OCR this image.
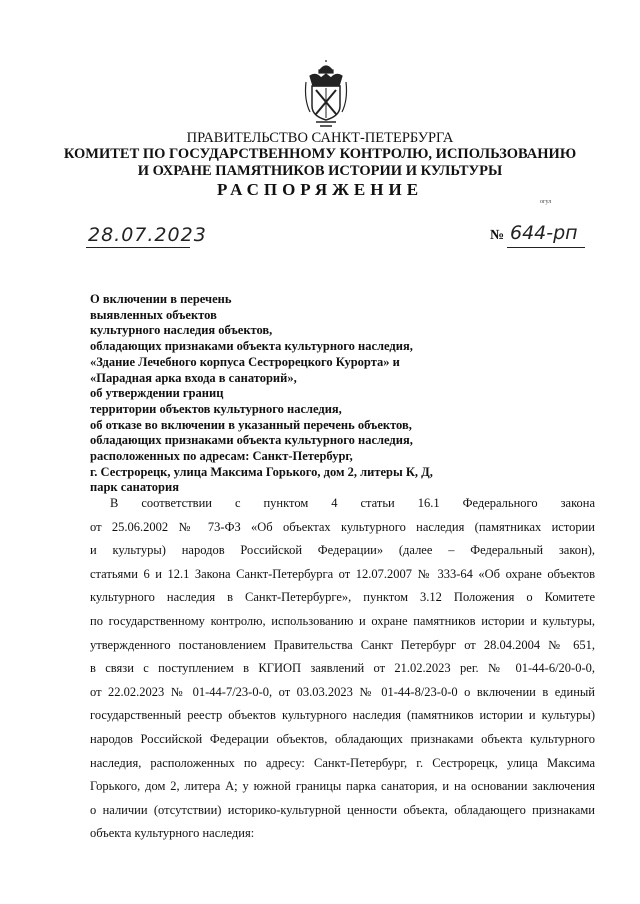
ПРАВИТЕЛЬСТВО САНКТ-ПЕТЕРБУРГА
КОМИТЕТ ПО ГОСУДАРСТВЕННОМУ КОНТРОЛЮ, ИСПОЛЬЗОВАНИЮ
И ОХРАНЕ ПАМЯТНИКОВ ИСТОРИИ И КУЛЬТУРЫ
РАСПОРЯЖЕНИЕ
огул
28.07.2023	№ 644-рп
О включении в перечень
выявленных объектов
культурного наследия объектов,
обладающих признаками объекта культурного наследия,
«Здание Лечебного корпуса Сестрорецкого Курорта» и
«Парадная арка входа в санаторий»,
об утверждении границ
территории объектов культурного наследия,
об отказе во включении в указанный перечень объектов,
обладающих признаками объекта культурного наследия,
расположенных по адресам: Санкт-Петербург,
г. Сестрорецк, улица Максима Горького, дом 2, литеры К, Д,
парк санатория
В соответствии с пунктом 4 статьи 16.1 Федерального закона
от 25.06.2002 № 73-ФЗ «Об объектах культурного наследия (памятниках истории
и культуры) народов Российской Федерации» (далее – Федеральный закон),
статьями 6 и 12.1 Закона Санкт-Петербурга от 12.07.2007 № 333-64 «Об охране объектов
культурного наследия в Санкт-Петербурге», пунктом 3.12 Положения о Комитете
по государственному контролю, использованию и охране памятников истории и культуры,
утвержденного постановлением Правительства Санкт Петербург от 28.04.2004 № 651,
в связи с поступлением в КГИОП заявлений от 21.02.2023 рег. № 01-44-6/20-0-0,
от 22.02.2023 № 01-44-7/23-0-0, от 03.03.2023 № 01-44-8/23-0-0 о включении в единый
государственный реестр объектов культурного наследия (памятников истории и культуры)
народов Российской Федерации объектов, обладающих признаками объекта культурного
наследия, расположенных по адресу: Санкт-Петербург, г. Сестрорецк, улица Максима
Горького, дом 2, литера А; у южной границы парка санатория, и на основании заключения
о наличии (отсутствии) историко-культурной ценности объекта, обладающего признаками
объекта культурного наследия:
